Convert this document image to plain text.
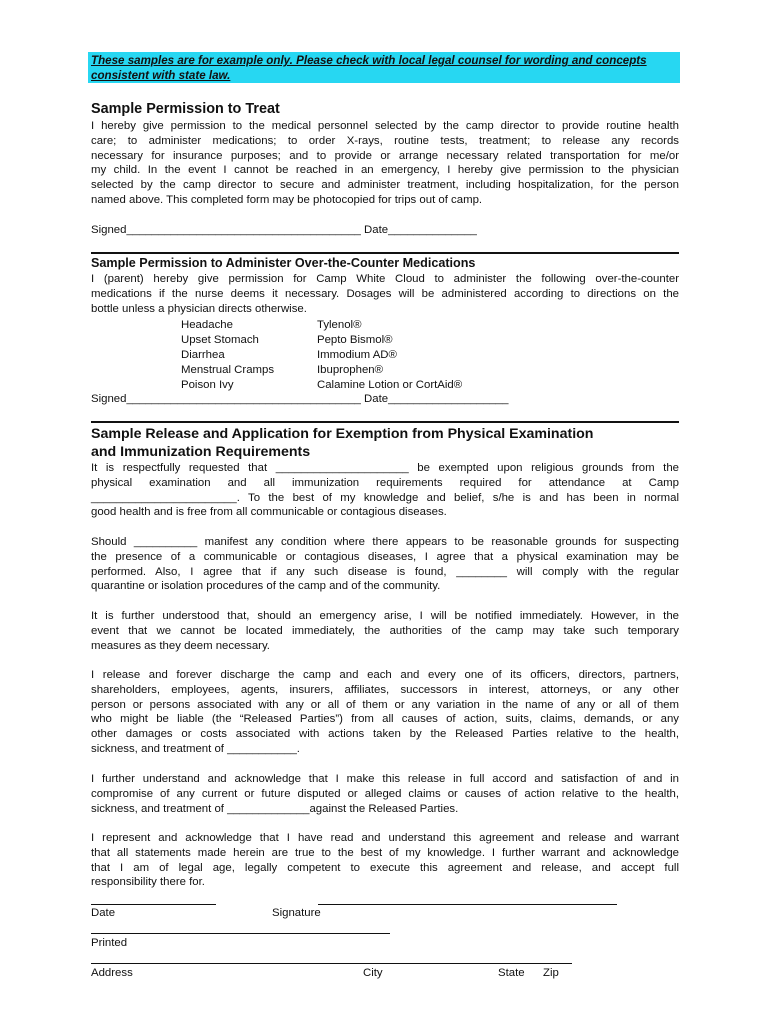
These samples are for example only. Please check with local legal counsel for wording and concepts consistent with state law.
Sample Permission to Treat
I hereby give permission to the medical personnel selected by the camp director to provide routine health
care; to administer medications; to order X-rays, routine tests, treatment; to release any records
necessary for insurance purposes; and to provide or arrange necessary related transportation for me/or
my child. In the event I cannot be reached in an emergency, I hereby give permission to the physician
selected by the camp director to secure and administer treatment, including hospitalization, for the person
named above. This completed form may be photocopied for trips out of camp.
Signed_____________________________________ Date______________
Sample Permission to Administer Over-the-Counter Medications
I (parent) hereby give permission for Camp White Cloud to administer the following over-the-counter
medications if the nurse deems it necessary. Dosages will be administered according to directions on the
bottle unless a physician directs otherwise.
Headache	Tylenol®
Upset Stomach	Pepto Bismol®
Diarrhea	Immodium AD®
Menstrual Cramps	Ibuprophen®
Poison Ivy	Calamine Lotion or CortAid®
Signed_____________________________________ Date___________________
Sample Release and Application for Exemption from Physical Examination
and Immunization Requirements
It is respectfully requested that _____________________ be exempted upon religious grounds from the
physical examination and all immunization requirements required for attendance at Camp
_______________________. To the best of my knowledge and belief, s/he is and has been in normal
good health and is free from all communicable or contagious diseases.
Should __________ manifest any condition where there appears to be reasonable grounds for suspecting
the presence of a communicable or contagious diseases, I agree that a physical examination may be
performed. Also, I agree that if any such disease is found, ________ will comply with the regular
quarantine or isolation procedures of the camp and of the community.
It is further understood that, should an emergency arise, I will be notified immediately. However, in the
event that we cannot be located immediately, the authorities of the camp may take such temporary
measures as they deem necessary.
I release and forever discharge the camp and each and every one of its officers, directors, partners,
shareholders, employees, agents, insurers, affiliates, successors in interest, attorneys, or any other
person or persons associated with any or all of them or any variation in the name of any or all of them
who might be liable (the “Released Parties”) from all causes of action, suits, claims, demands, or any
other damages or costs associated with actions taken by the Released Parties relative to the health,
sickness, and treatment of ___________.
I further understand and acknowledge that I make this release in full accord and satisfaction of and in
compromise of any current or future disputed or alleged claims or causes of action relative to the health,
sickness, and treatment of _____________against the Released Parties.
I represent and acknowledge that I have read and understand this agreement and release and warrant
that all statements made herein are true to the best of my knowledge. I further warrant and acknowledge
that I am of legal age, legally competent to execute this agreement and release, and accept full
responsibility there for.
Date	Signature
Printed
Address	City	State Zip
